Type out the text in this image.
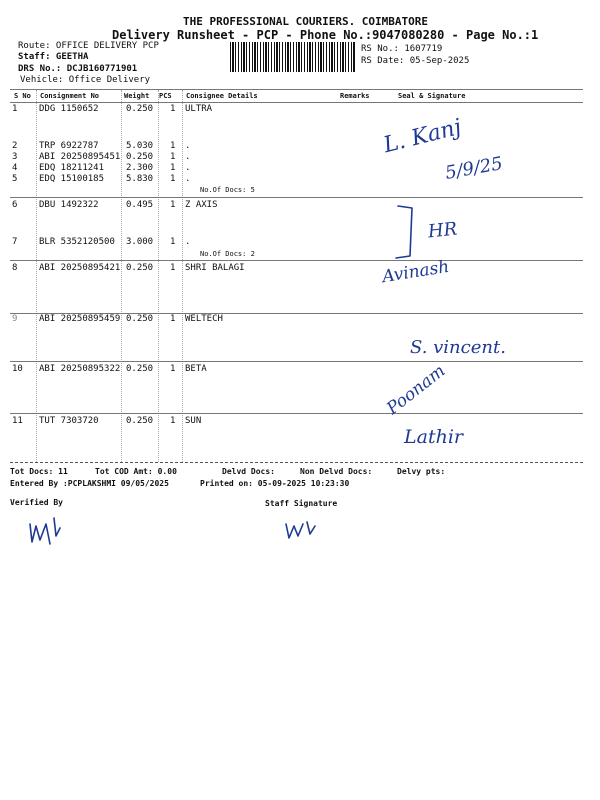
THE PROFESSIONAL COURIERS. COIMBATORE
Delivery Runsheet - PCP - Phone No.:9047080280 - Page No.:1
Route: OFFICE DELIVERY PCP
Staff: GEETHA
DRS No.: DCJB160771901
Vehicle: Office Delivery
RS No.: 1607719
RS Date: 05-Sep-2025
S No Consignment No	Weight PCS Consignee Details	Remarks	Seal & Signature
1 DDG 1150652	0.250 1 ULTRA
2 TRP 6922787	5.030 1 .
3 ABI 20250895451 0.250 1 .
4 EDQ 18211241 2.300 1 .
5 EDQ 15100185 5.830 1 .
No.Of Docs: 5
6 DBU 1492322	0.495 1 Z AXIS
7 BLR 5352120500 3.000 1 .
No.Of Docs: 2
8 ABI 20250895421 0.250 1 SHRI BALAGI
9 ABI 20250895459 0.250 1 WELTECH
10 ABI 20250895322 0.250 1 BETA
11 TUT 7303720	0.250 1 SUN
L. Kanj
5/9/25
HR
Avinash
S. vincent.
Poonam
Lathir
Tot Docs: 11	Tot COD Amt: 0.00	Delvd Docs:	Non Delvd Docs:	Delvy pts:
Entered By :PCPLAKSHMI 09/05/2025	Printed on: 05-09-2025 10:23:30
Verified By	Staff Signature
